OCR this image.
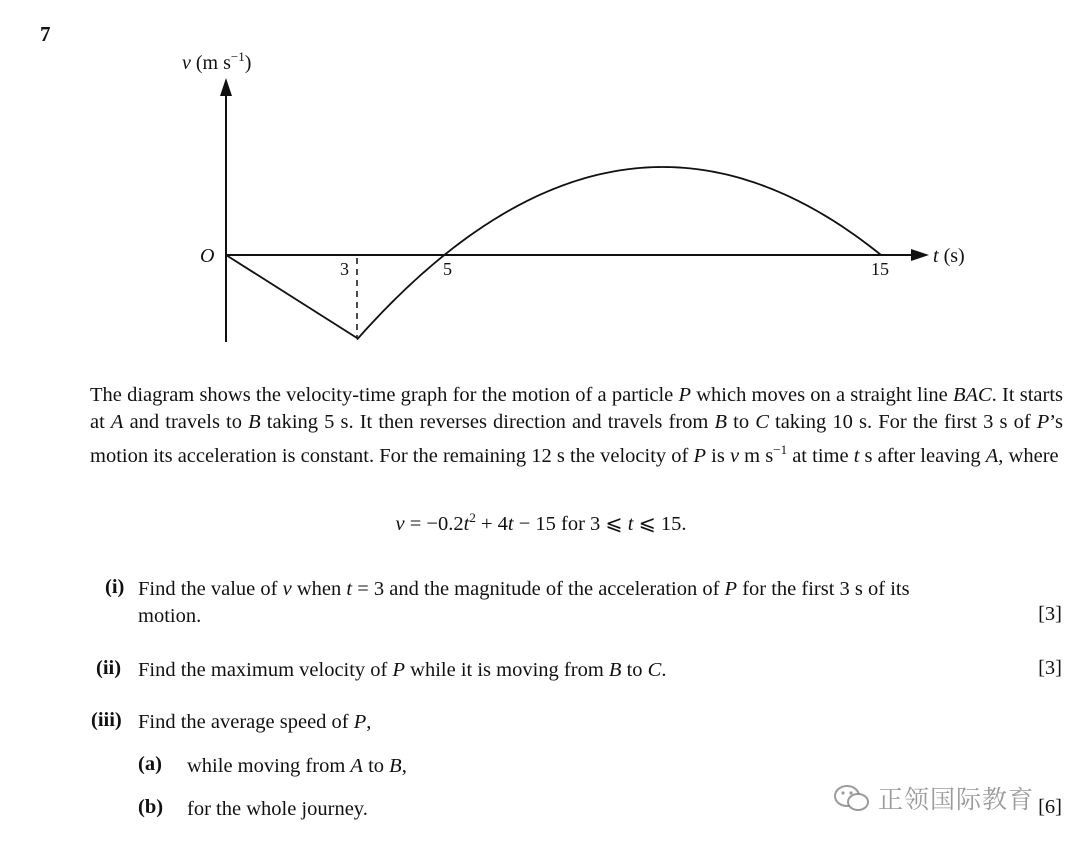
7
v (m $s^{-1}$)
O	t (s)
3	5	15
The diagram shows the velocity-time graph for the motion of a particle P which moves on a straight line BAC. It starts at A and travels to B taking 5 s. It then reverses direction and travels from B to C taking 10 s. For the first 3 s of P’s motion its acceleration is constant. For the remaining 12 s the velocity of P is v m $s^{-1}$ at time t s after leaving A, where
$v = -0.2t^2 + 4t - 15$ for 3 ⩽ t ⩽ 15.
(i) Find the value of v when t = 3 and the magnitude of the acceleration of P for the first 3 s of its
motion.	[3]
(ii) Find the maximum velocity of P while it is moving from B to C.	[3]
(iii) Find the average speed of P,
(a) while moving from A to B,
(b) for the whole journey.	[6]
正领国际教育
